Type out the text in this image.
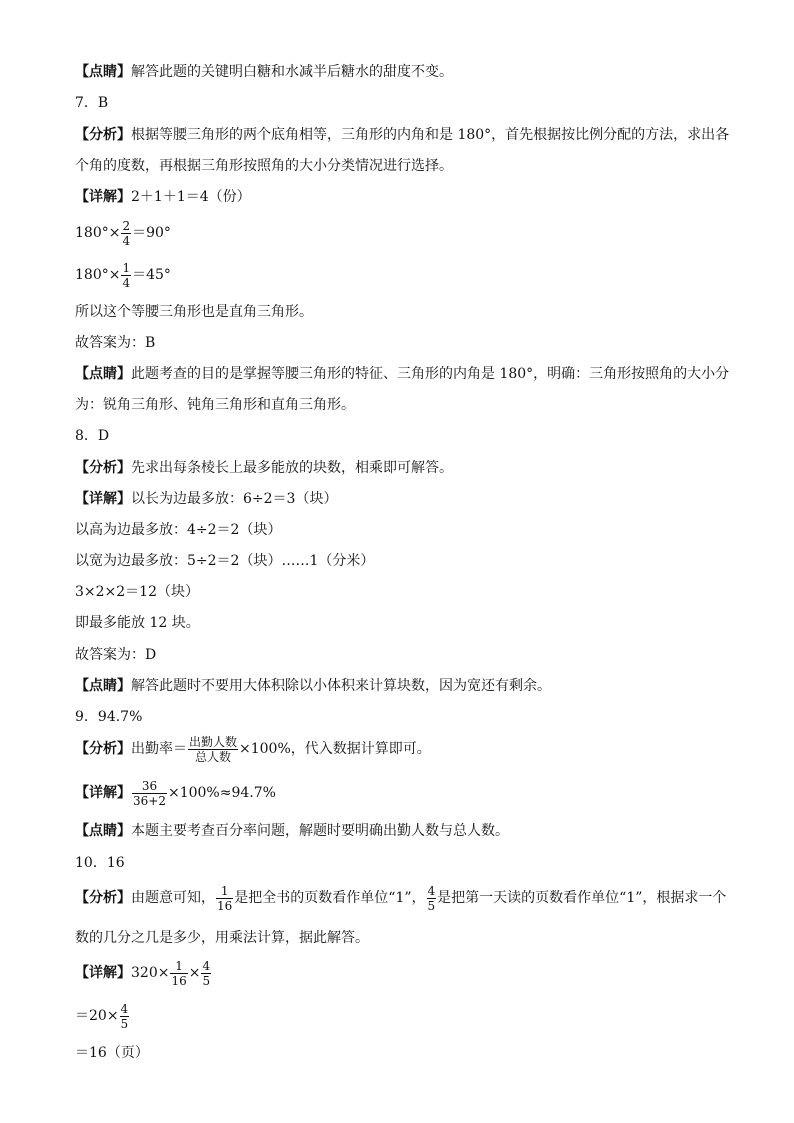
【点睛】解答此题的关键明白糖和水减半后糖水的甜度不变。
7．B
【分析】根据等腰三角形的两个底角相等，三角形的内角和是 180°，首先根据按比例分配的方法，求出各
个角的度数，再根据三角形按照角的大小分类情况进行选择。
【详解】2＋1＋1＝4（份）
$180^\circ\times \frac{2}{4} =90^\circ$
$180^\circ\times \frac{1}{4} =45^\circ$
所以这个等腰三角形也是直角三角形。
故答案为：B
【点睛】此题考查的目的是掌握等腰三角形的特征、三角形的内角是 180°，明确：三角形按照角的大小分
为：锐角三角形、钝角三角形和直角三角形。
8．D
【分析】先求出每条棱长上最多能放的块数，相乘即可解答。
【详解】以长为边最多放：6÷2＝3（块）
以高为边最多放：4÷2＝2（块）
以宽为边最多放：5÷2＝2（块）……1（分米）
3×2×2＝12（块）
即最多能放 12 块。
故答案为：D
【点睛】解答此题时不要用大体积除以小体积来计算块数，因为宽还有剩余。
9．94.7%
【分析】出勤率＝ $\frac{\text{出勤人数}}{\text{总人数}} \times 100\%$，代入数据计算即可。
【详解】 $\frac{36}{36+2} \times 100\%\approx 94.7\%$
【点睛】本题主要考查百分率问题，解题时要明确出勤人数与总人数。
10．16
【分析】由题意可知， $\frac{1}{16}$ 是把全书的页数看作单位“1”， $\frac{4}{5}$ 是把第一天读的页数看作单位“1”，根据求一个
数的几分之几是多少，用乘法计算，据此解答。
【详解】$320\times \frac{1}{16} \times \frac{4}{5}$
$=20\times \frac{4}{5}$
＝16（页）
